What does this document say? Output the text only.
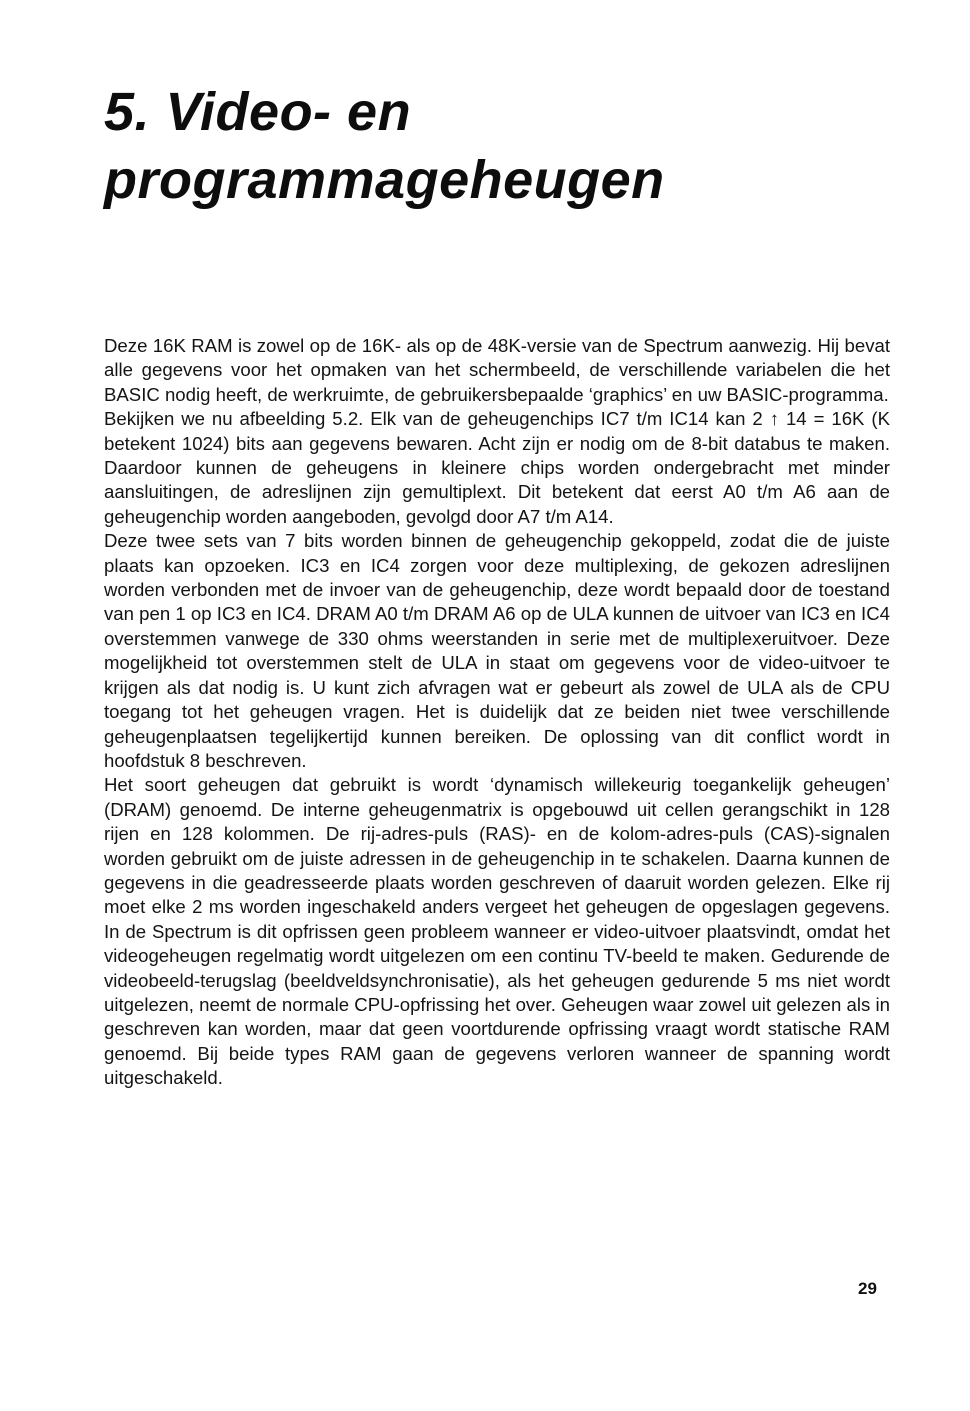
5. Video- en
programmageheugen

Deze 16K RAM is zowel op de 16K- als op de 48K-versie van de Spectrum aanwezig. Hij bevat alle gegevens voor het opmaken van het schermbeeld, de verschillende variabelen die het BASIC nodig heeft, de werkruimte, de gebruikersbepaalde ‘graphics’ en uw BASIC-programma.

Bekijken we nu afbeelding 5.2. Elk van de geheugenchips IC7 t/m IC14 kan 2 ↑ 14 = 16K (K betekent 1024) bits aan gegevens bewaren. Acht zijn er nodig om de 8-bit databus te maken. Daardoor kunnen de geheugens in kleinere chips worden ondergebracht met minder aansluitingen, de adreslijnen zijn gemultiplext. Dit betekent dat eerst A0 t/m A6 aan de geheugenchip worden aangeboden, gevolgd door A7 t/m A14.

Deze twee sets van 7 bits worden binnen de geheugenchip gekoppeld, zodat die de juiste plaats kan opzoeken. IC3 en IC4 zorgen voor deze multiplexing, de gekozen adreslijnen worden verbonden met de invoer van de geheugenchip, deze wordt bepaald door de toestand van pen 1 op IC3 en IC4. DRAM A0 t/m DRAM A6 op de ULA kunnen de uitvoer van IC3 en IC4 overstemmen vanwege de 330 ohms weerstanden in serie met de multiplexeruitvoer. Deze mogelijkheid tot overstemmen stelt de ULA in staat om gegevens voor de video-uitvoer te krijgen als dat nodig is. U kunt zich afvragen wat er gebeurt als zowel de ULA als de CPU toegang tot het geheugen vragen. Het is duidelijk dat ze beiden niet twee verschillende geheugenplaatsen tegelijkertijd kunnen bereiken. De oplossing van dit conflict wordt in hoofdstuk 8 beschreven.

Het soort geheugen dat gebruikt is wordt ‘dynamisch willekeurig toegankelijk geheugen’ (DRAM) genoemd. De interne geheugenmatrix is opgebouwd uit cellen gerangschikt in 128 rijen en 128 kolommen. De rij-adres-puls (RAS)- en de kolom-adres-puls (CAS)-signalen worden gebruikt om de juiste adressen in de geheugenchip in te schakelen. Daarna kunnen de gegevens in die geadresseerde plaats worden geschreven of daaruit worden gelezen. Elke rij moet elke 2 ms worden ingeschakeld anders vergeet het geheugen de opgeslagen gegevens. In de Spectrum is dit opfrissen geen probleem wanneer er video-uitvoer plaatsvindt, omdat het videogeheugen regelmatig wordt uitgelezen om een continu TV-beeld te maken. Gedurende de videobeeld-terugslag (beeldveldsynchronisatie), als het geheugen gedurende 5 ms niet wordt uitgelezen, neemt de normale CPU-opfrissing het over. Geheugen waar zowel uit gelezen als in geschreven kan worden, maar dat geen voortdurende opfrissing vraagt wordt statische RAM genoemd. Bij beide types RAM gaan de gegevens verloren wanneer de spanning wordt uitgeschakeld.

29
